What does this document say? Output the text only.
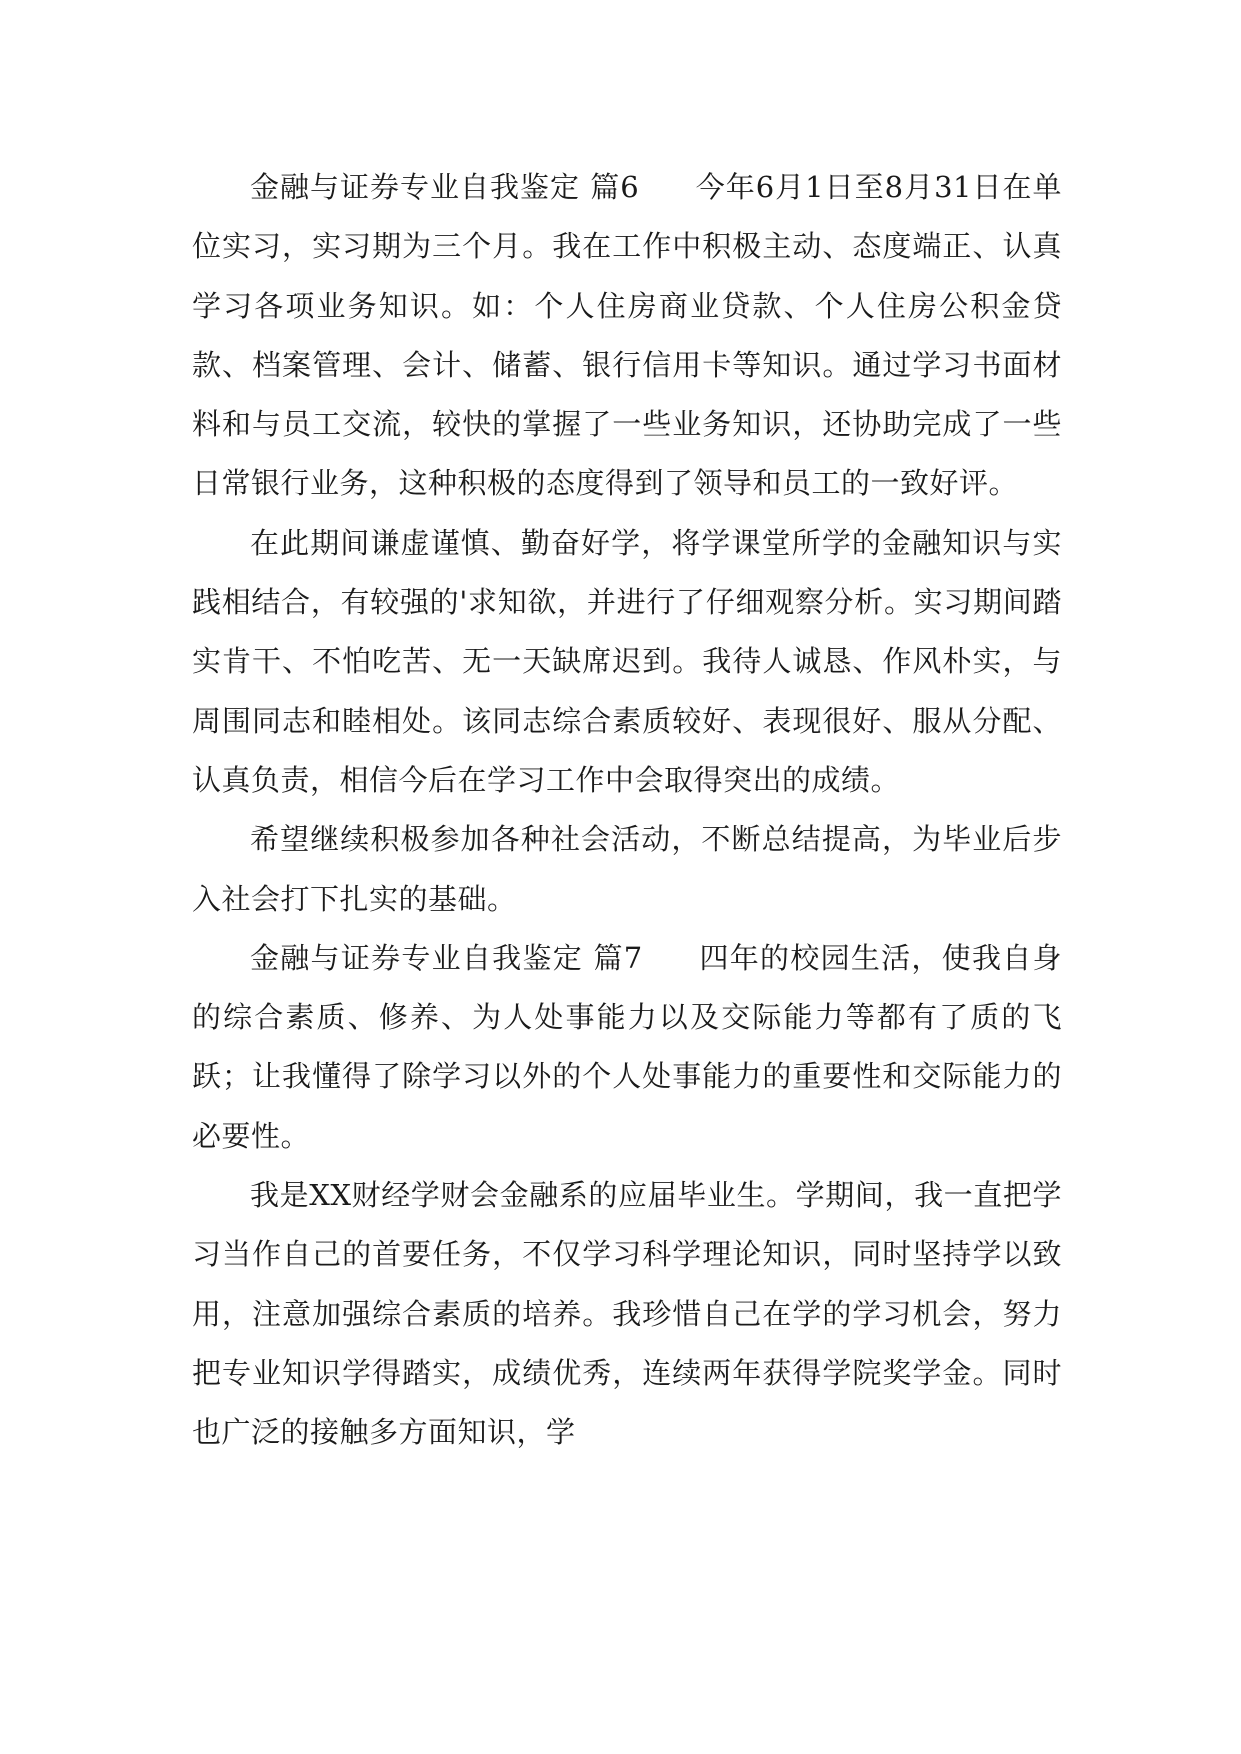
金融与证券专业自我鉴定 篇6 今年6月1日至8月31日在单位实习，实习期为三个月。我在工作中积极主动、态度端正、认真学习各项业务知识。如：个人住房商业贷款、个人住房公积金贷款、档案管理、会计、储蓄、银行信用卡等知识。通过学习书面材料和与员工交流，较快的掌握了一些业务知识，还协助完成了一些日常银行业务，这种积极的态度得到了领导和员工的一致好评。

在此期间谦虚谨慎、勤奋好学，将学课堂所学的金融知识与实践相结合，有较强的'求知欲，并进行了仔细观察分析。实习期间踏实肯干、不怕吃苦、无一天缺席迟到。我待人诚恳、作风朴实，与周围同志和睦相处。该同志综合素质较好、表现很好、服从分配、认真负责，相信今后在学习工作中会取得突出的成绩。

希望继续积极参加各种社会活动，不断总结提高，为毕业后步入社会打下扎实的基础。

金融与证券专业自我鉴定 篇7 四年的校园生活，使我自身的综合素质、修养、为人处事能力以及交际能力等都有了质的飞跃；让我懂得了除学习以外的个人处事能力的重要性和交际能力的必要性。

我是XX财经学财会金融系的应届毕业生。学期间，我一直把学习当作自己的首要任务，不仅学习科学理论知识，同时坚持学以致用，注意加强综合素质的培养。我珍惜自己在学的学习机会，努力把专业知识学得踏实，成绩优秀，连续两年获得学院奖学金。同时也广泛的接触多方面知识，学
